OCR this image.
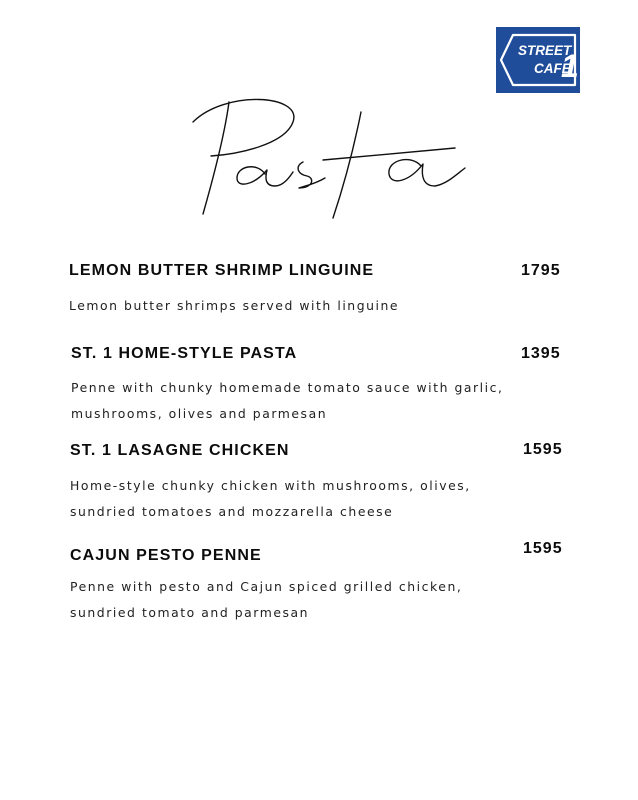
STREET
CAFE
1
LEMON BUTTER SHRIMP LINGUINE	1795
Lemon butter shrimps served with linguine
ST. 1 HOME-STYLE PASTA	1395
Penne with chunky homemade tomato sauce with garlic,
mushrooms, olives and parmesan
ST. 1 LASAGNE CHICKEN	1595
Home-style chunky chicken with mushrooms, olives,
sundried tomatoes and mozzarella cheese
CAJUN PESTO PENNE	1595
Penne with pesto and Cajun spiced grilled chicken,
sundried tomato and parmesan
